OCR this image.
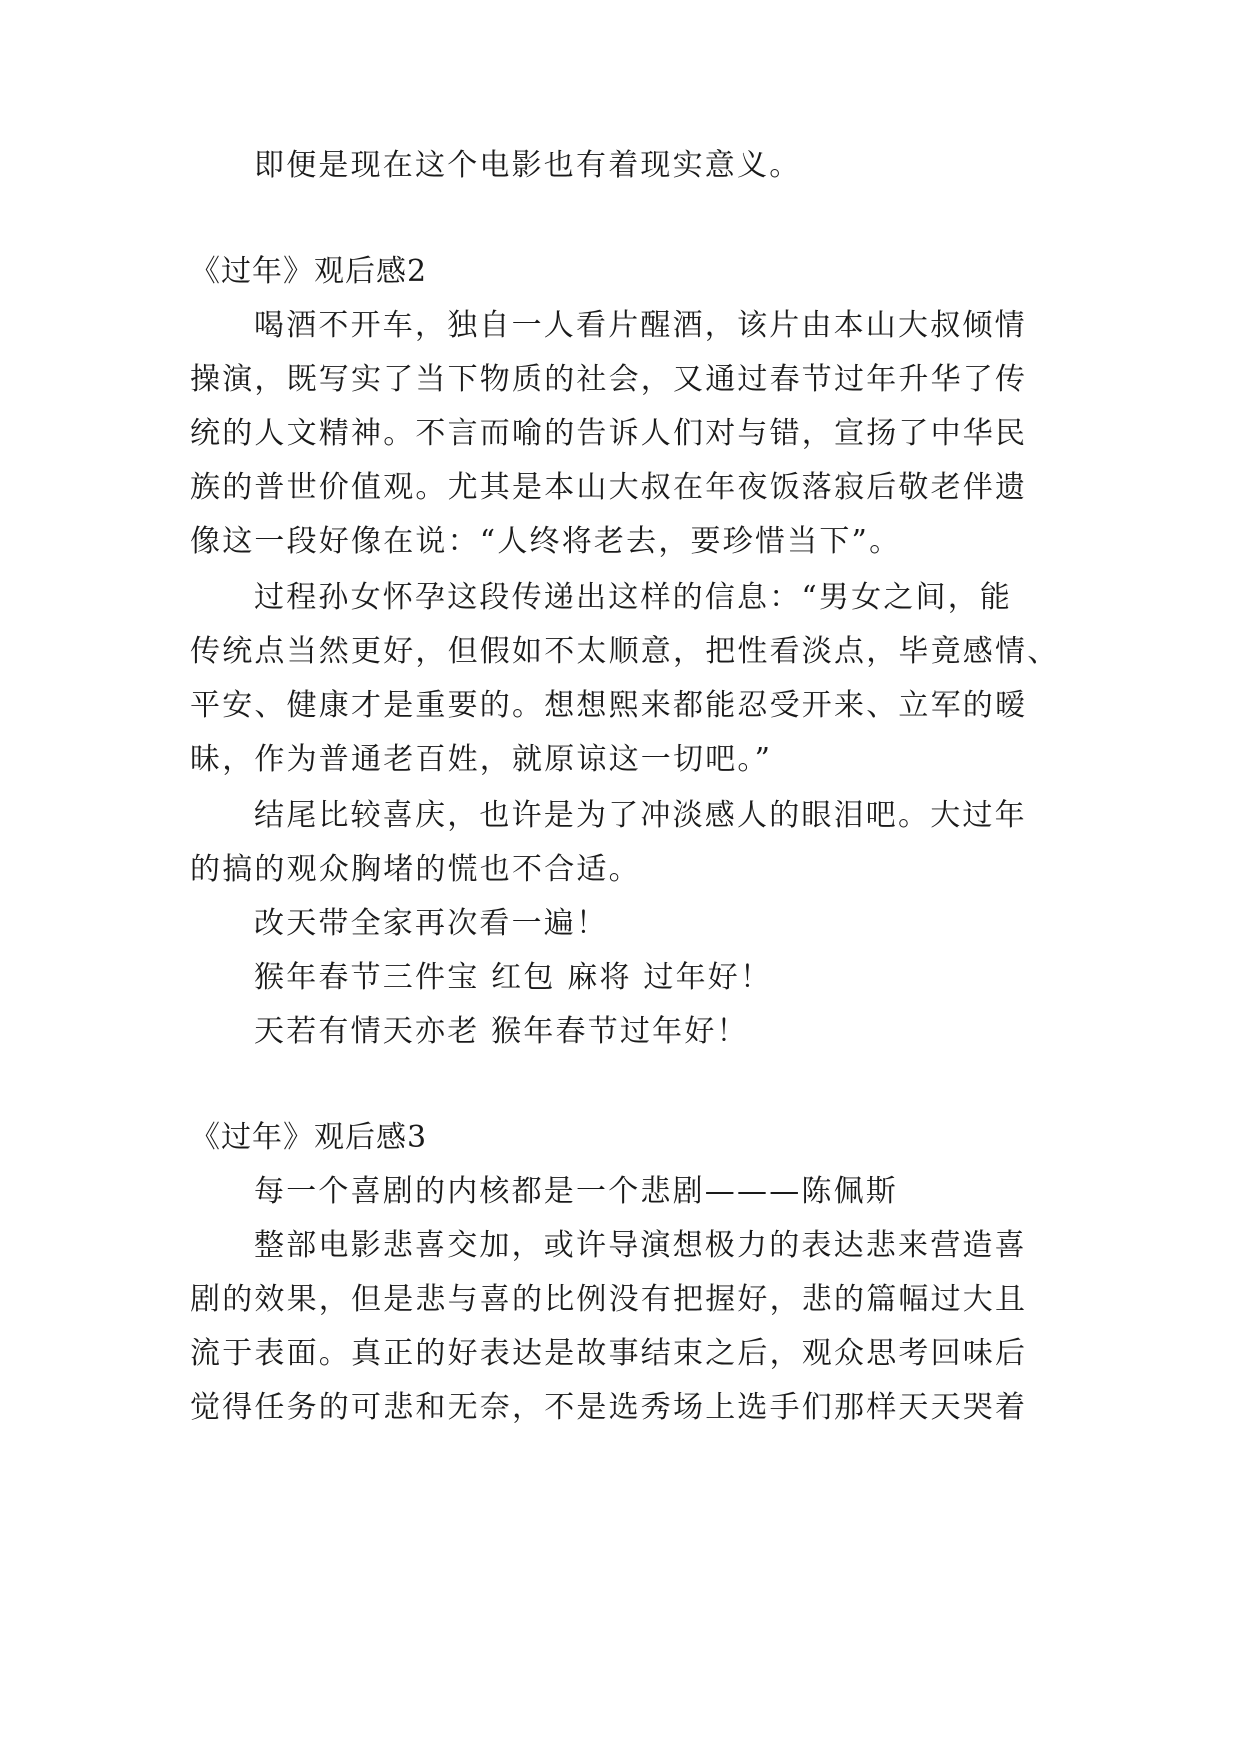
即便是现在这个电影也有着现实意义。
《过年》观后感2
喝酒不开车，独自一人看片醒酒，该片由本山大叔倾情
操演，既写实了当下物质的社会，又通过春节过年升华了传
统的人文精神。不言而喻的告诉人们对与错，宣扬了中华民
族的普世价值观。尤其是本山大叔在年夜饭落寂后敬老伴遗
像这一段好像在说：“人终将老去，要珍惜当下”。
过程孙女怀孕这段传递出这样的信息：“男女之间，能
传统点当然更好，但假如不太顺意，把性看淡点，毕竟感情、
平安、健康才是重要的。想想熙来都能忍受开来、立军的暧
昧，作为普通老百姓，就原谅这一切吧。”
结尾比较喜庆，也许是为了冲淡感人的眼泪吧。大过年
的搞的观众胸堵的慌也不合适。
改天带全家再次看一遍！
猴年春节三件宝 红包 麻将 过年好！
天若有情天亦老 猴年春节过年好！
《过年》观后感3
每一个喜剧的内核都是一个悲剧———陈佩斯
整部电影悲喜交加，或许导演想极力的表达悲来营造喜
剧的效果，但是悲与喜的比例没有把握好，悲的篇幅过大且
流于表面。真正的好表达是故事结束之后，观众思考回味后
觉得任务的可悲和无奈，不是选秀场上选手们那样天天哭着
